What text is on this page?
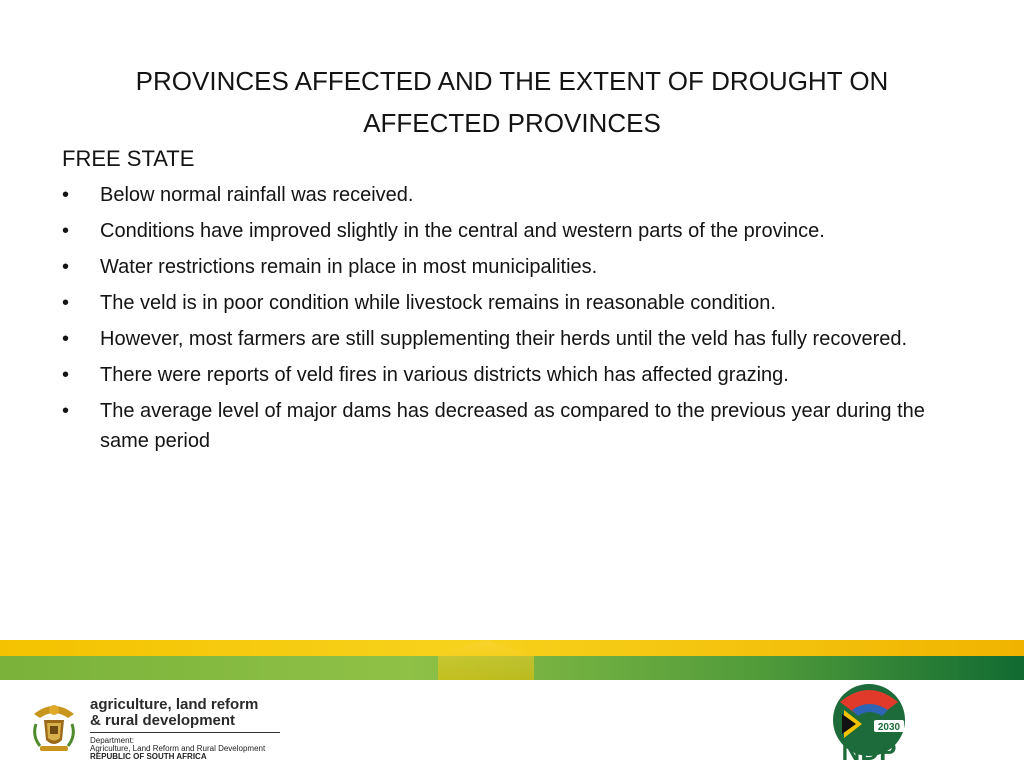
PROVINCES AFFECTED AND THE EXTENT OF DROUGHT ON AFFECTED PROVINCES
FREE STATE
•	Below normal rainfall was received.
•	Conditions have improved slightly in the central and western parts of the province.
•	Water restrictions remain in place in most municipalities.
•	The veld is in poor condition while livestock remains in reasonable condition.
•	However, most farmers are still supplementing their herds until the veld has fully recovered.
•	There were reports of veld fires in various districts which has affected grazing.
•	The average level of major dams has decreased as compared to the previous year during the same period
agriculture, land reform
& rural development
Department:
Agriculture, Land Reform and Rural Development
REPUBLIC OF SOUTH AFRICA
2030
NDP
